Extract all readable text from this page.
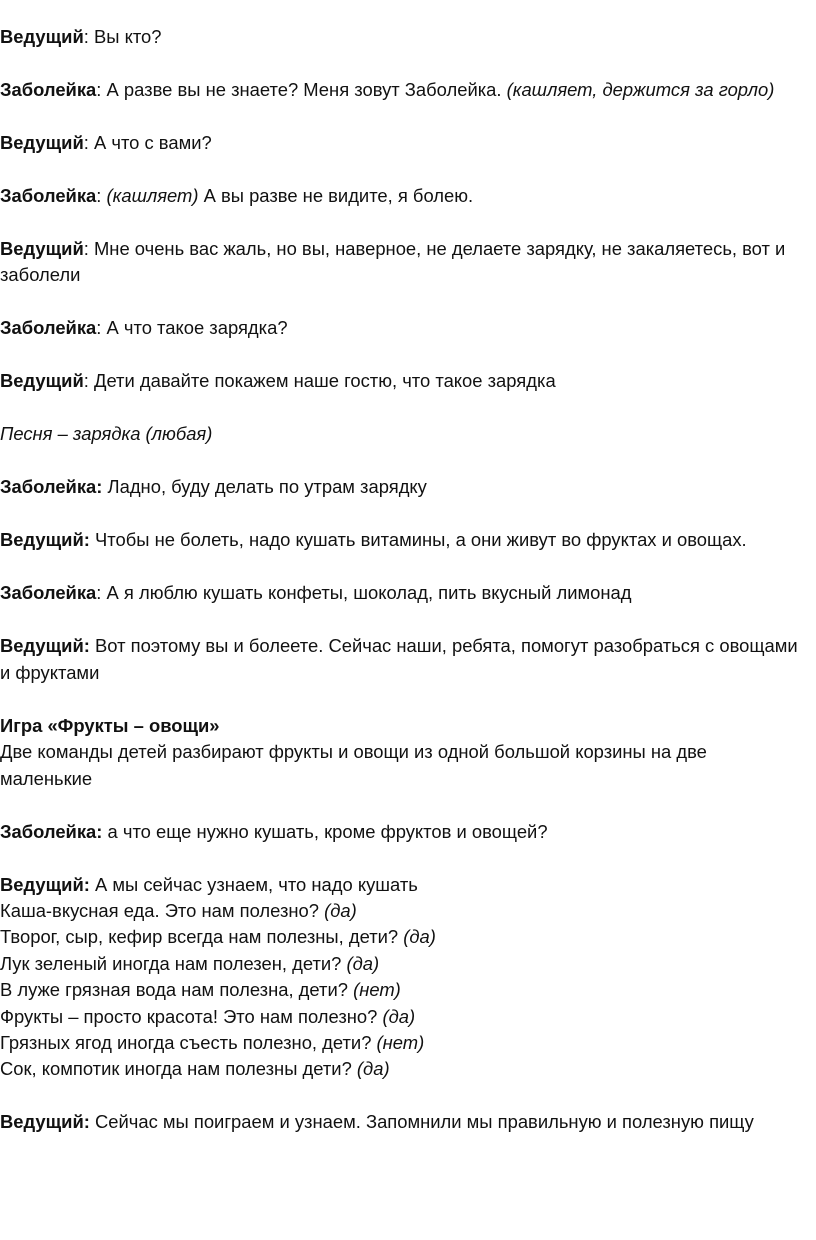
Ведущий: Вы кто?

Заболейка: А разве вы не знаете? Меня зовут Заболейка. (кашляет, держится за горло)

Ведущий: А что с вами?

Заболейка: (кашляет) А вы разве не видите, я болею.

Ведущий: Мне очень вас жаль, но вы, наверное, не делаете зарядку, не закаляетесь, вот и заболели

Заболейка: А что такое зарядка?

Ведущий: Дети давайте покажем наше гостю, что такое зарядка

Песня – зарядка (любая)

Заболейка: Ладно, буду делать по утрам зарядку

Ведущий: Чтобы не болеть, надо кушать витамины, а они живут во фруктах и овощах.

Заболейка: А я люблю кушать конфеты, шоколад, пить вкусный лимонад

Ведущий: Вот поэтому вы и болеете. Сейчас наши, ребята, помогут разобраться с овощами и фруктами

Игра «Фрукты – овощи»
Две команды детей разбирают фрукты и овощи из одной большой корзины на две маленькие

Заболейка: а что еще нужно кушать, кроме фруктов и овощей?

Ведущий: А мы сейчас узнаем, что надо кушать
Каша-вкусная еда. Это нам полезно? (да)
Творог, сыр, кефир всегда нам полезны, дети? (да)
Лук зеленый иногда нам полезен, дети? (да)
В луже грязная вода нам полезна, дети? (нет)
Фрукты – просто красота! Это нам полезно? (да)
Грязных ягод иногда съесть полезно, дети? (нет)
Сок, компотик иногда нам полезны дети? (да)

Ведущий: Сейчас мы поиграем и узнаем. Запомнили мы правильную и полезную пищу
